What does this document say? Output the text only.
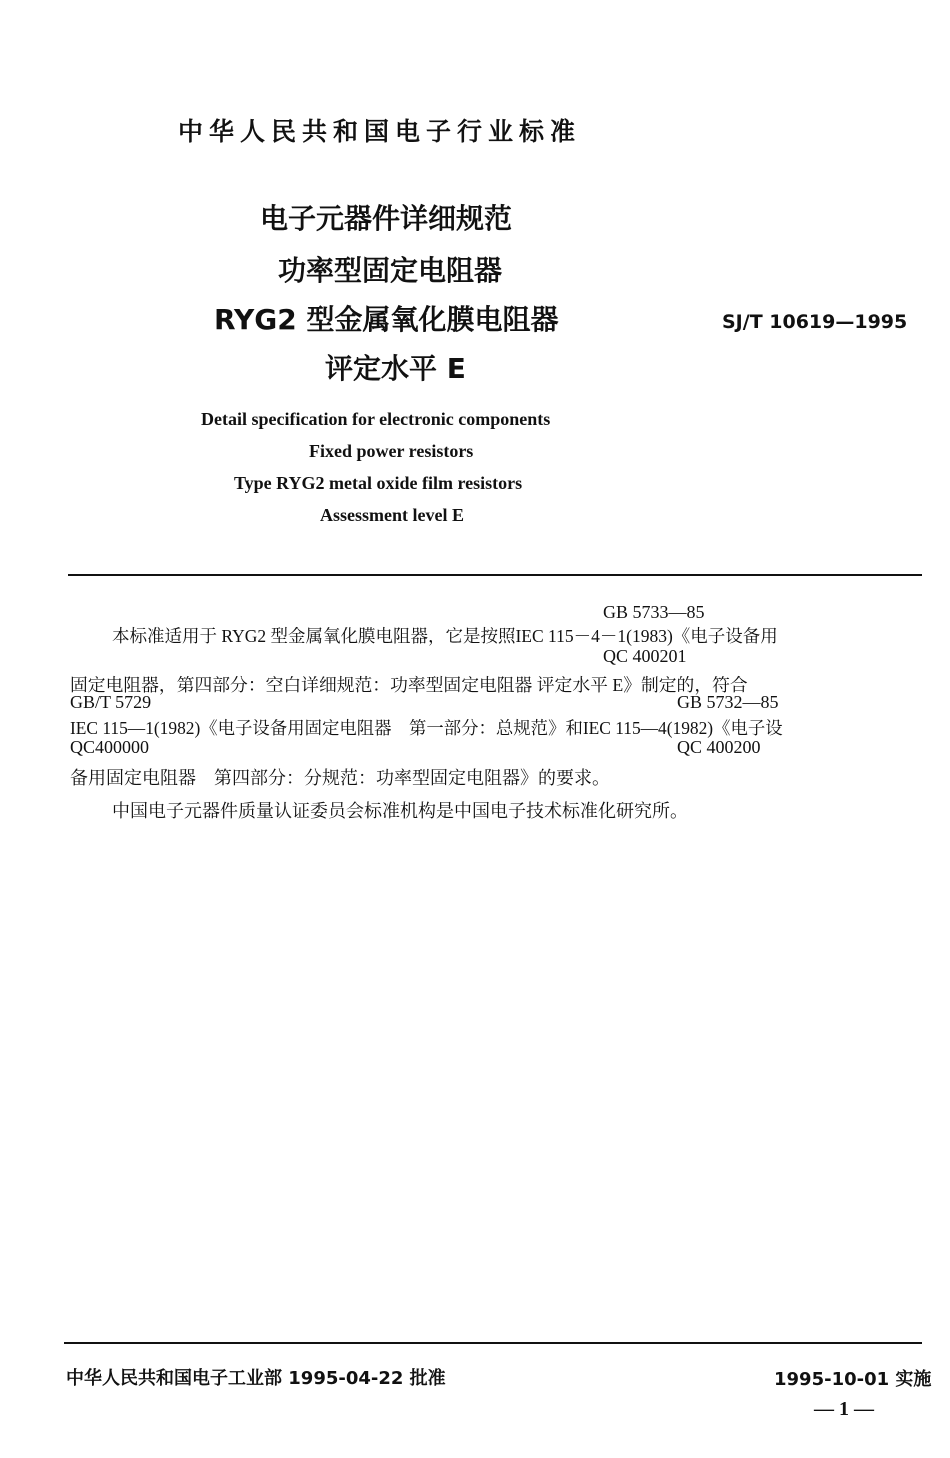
中华人民共和国电子行业标准
电子元器件详细规范
功率型固定电阻器
RYG2 型金属氧化膜电阻器
评定水平 E
SJ/T 10619—1995
Detail specification for electronic components
Fixed power resistors
Type RYG2 metal oxide film resistors
Assessment level E
GB 5733—85
本标准适用于 RYG2 型金属氧化膜电阻器，它是按照IEC 115－4－1(1983)《电子设备用
QC 400201
固定电阻器，第四部分：空白详细规范：功率型固定电阻器 评定水平 E》制定的，符合
GB/T 5729	GB 5732—85
IEC 115—1(1982)《电子设备用固定电阻器　第一部分：总规范》和IEC 115—4(1982)《电子设
QC400000	QC 400200
备用固定电阻器　第四部分：分规范：功率型固定电阻器》的要求。
中国电子元器件质量认证委员会标准机构是中国电子技术标准化研究所。
中华人民共和国电子工业部 1995-04-22 批准	1995-10-01 实施
— 1 —
